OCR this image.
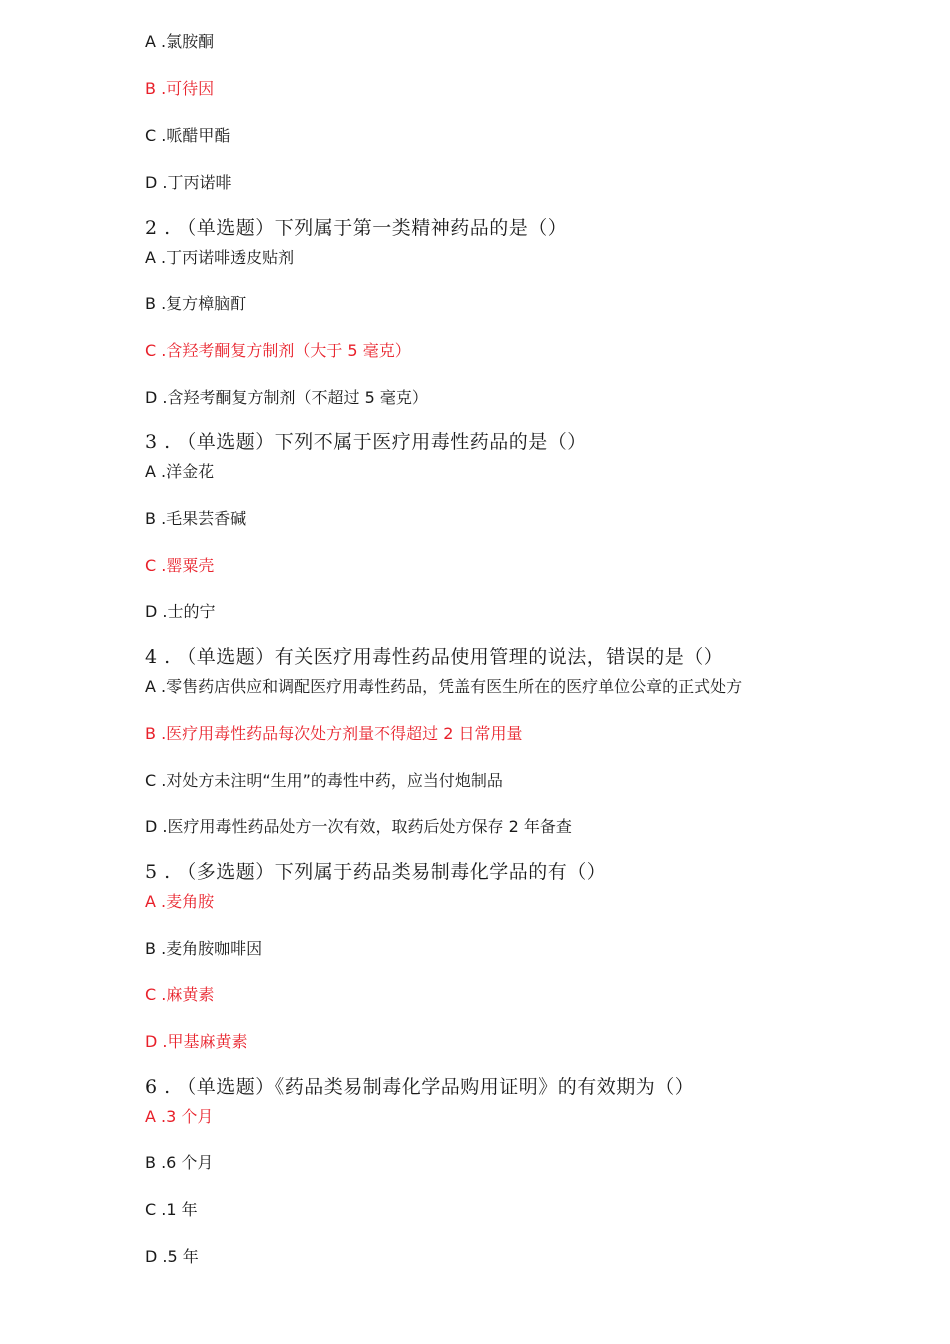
A .氯胺酮
B .可待因
C .哌醋甲酯
D .丁丙诺啡
2 . （单选题）下列属于第一类精神药品的是（）
A .丁丙诺啡透皮贴剂
B .复方樟脑酊
C .含羟考酮复方制剂（大于 5 毫克）
D .含羟考酮复方制剂（不超过 5 毫克）
3 . （单选题）下列不属于医疗用毒性药品的是（）
A .洋金花
B .毛果芸香碱
C .罂粟壳
D .士的宁
4 . （单选题）有关医疗用毒性药品使用管理的说法，错误的是（）
A .零售药店供应和调配医疗用毒性药品，凭盖有医生所在的医疗单位公章的正式处方
B .医疗用毒性药品每次处方剂量不得超过 2 日常用量
C .对处方未注明“生用”的毒性中药，应当付炮制品
D .医疗用毒性药品处方一次有效，取药后处方保存 2 年备查
5 . （多选题）下列属于药品类易制毒化学品的有（）
A .麦角胺
B .麦角胺咖啡因
C .麻黄素
D .甲基麻黄素
6 . （单选题）《药品类易制毒化学品购用证明》的有效期为（）
A .3 个月
B .6 个月
C .1 年
D .5 年
